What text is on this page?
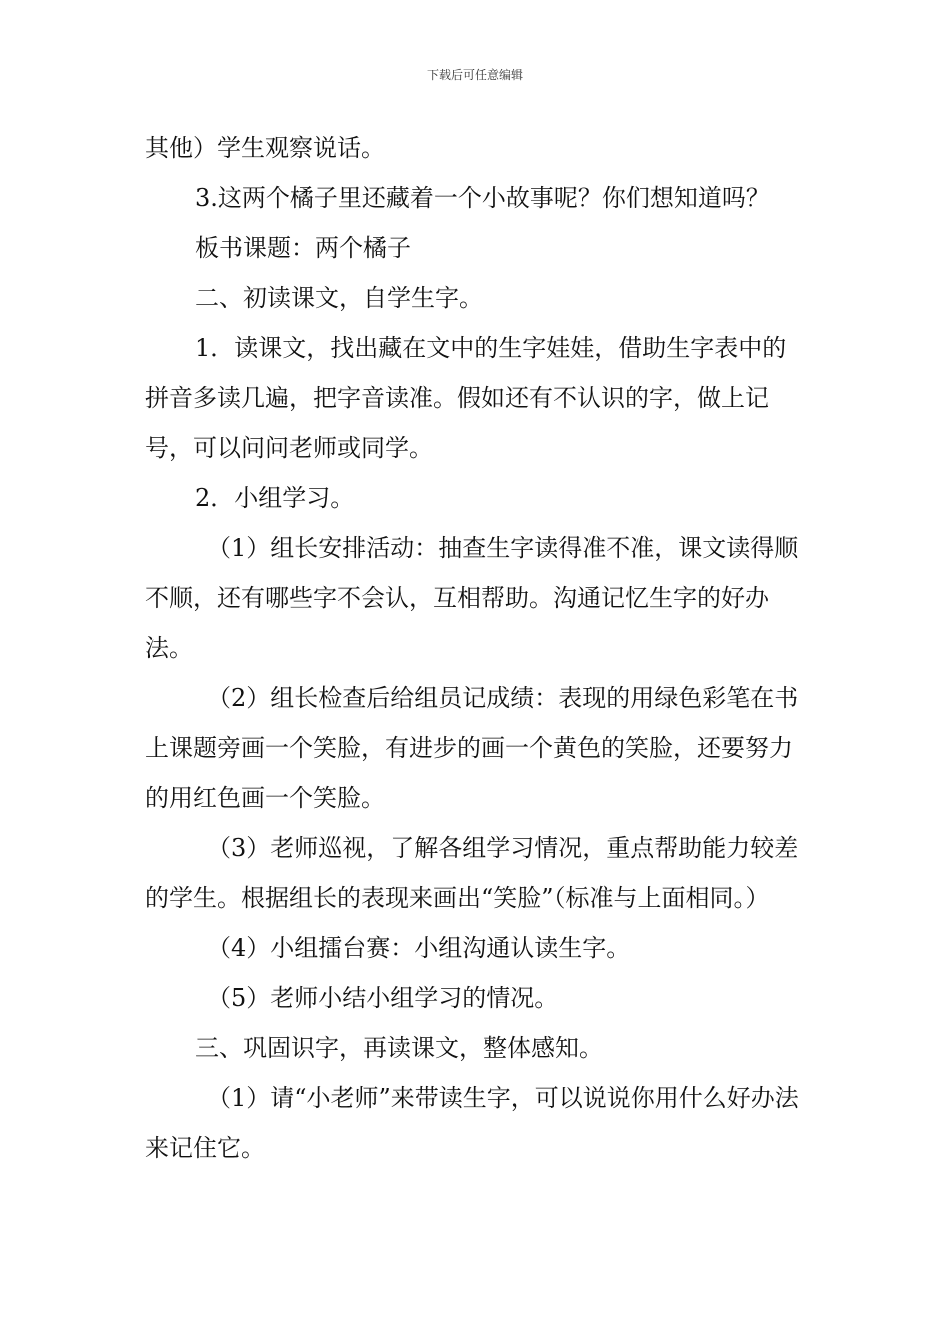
下载后可任意编辑

其他）学生观察说话。

3.这两个橘子里还藏着一个小故事呢？你们想知道吗？

板书课题：两个橘子

二、初读课文，自学生字。

1．读课文，找出藏在文中的生字娃娃，借助生字表中的拼音多读几遍，把字音读准。假如还有不认识的字，做上记号，可以问问老师或同学。

2．小组学习。

（1）组长安排活动：抽查生字读得准不准，课文读得顺不顺，还有哪些字不会认，互相帮助。沟通记忆生字的好办法。

（2）组长检查后给组员记成绩：表现的用绿色彩笔在书上课题旁画一个笑脸，有进步的画一个黄色的笑脸，还要努力的用红色画一个笑脸。

（3）老师巡视，了解各组学习情况，重点帮助能力较差的学生。根据组长的表现来画出“笑脸”（标准与上面相同。）

（4）小组擂台赛：小组沟通认读生字。

（5）老师小结小组学习的情况。

三、巩固识字，再读课文，整体感知。

（1）请“小老师”来带读生字，可以说说你用什么好办法来记住它。
